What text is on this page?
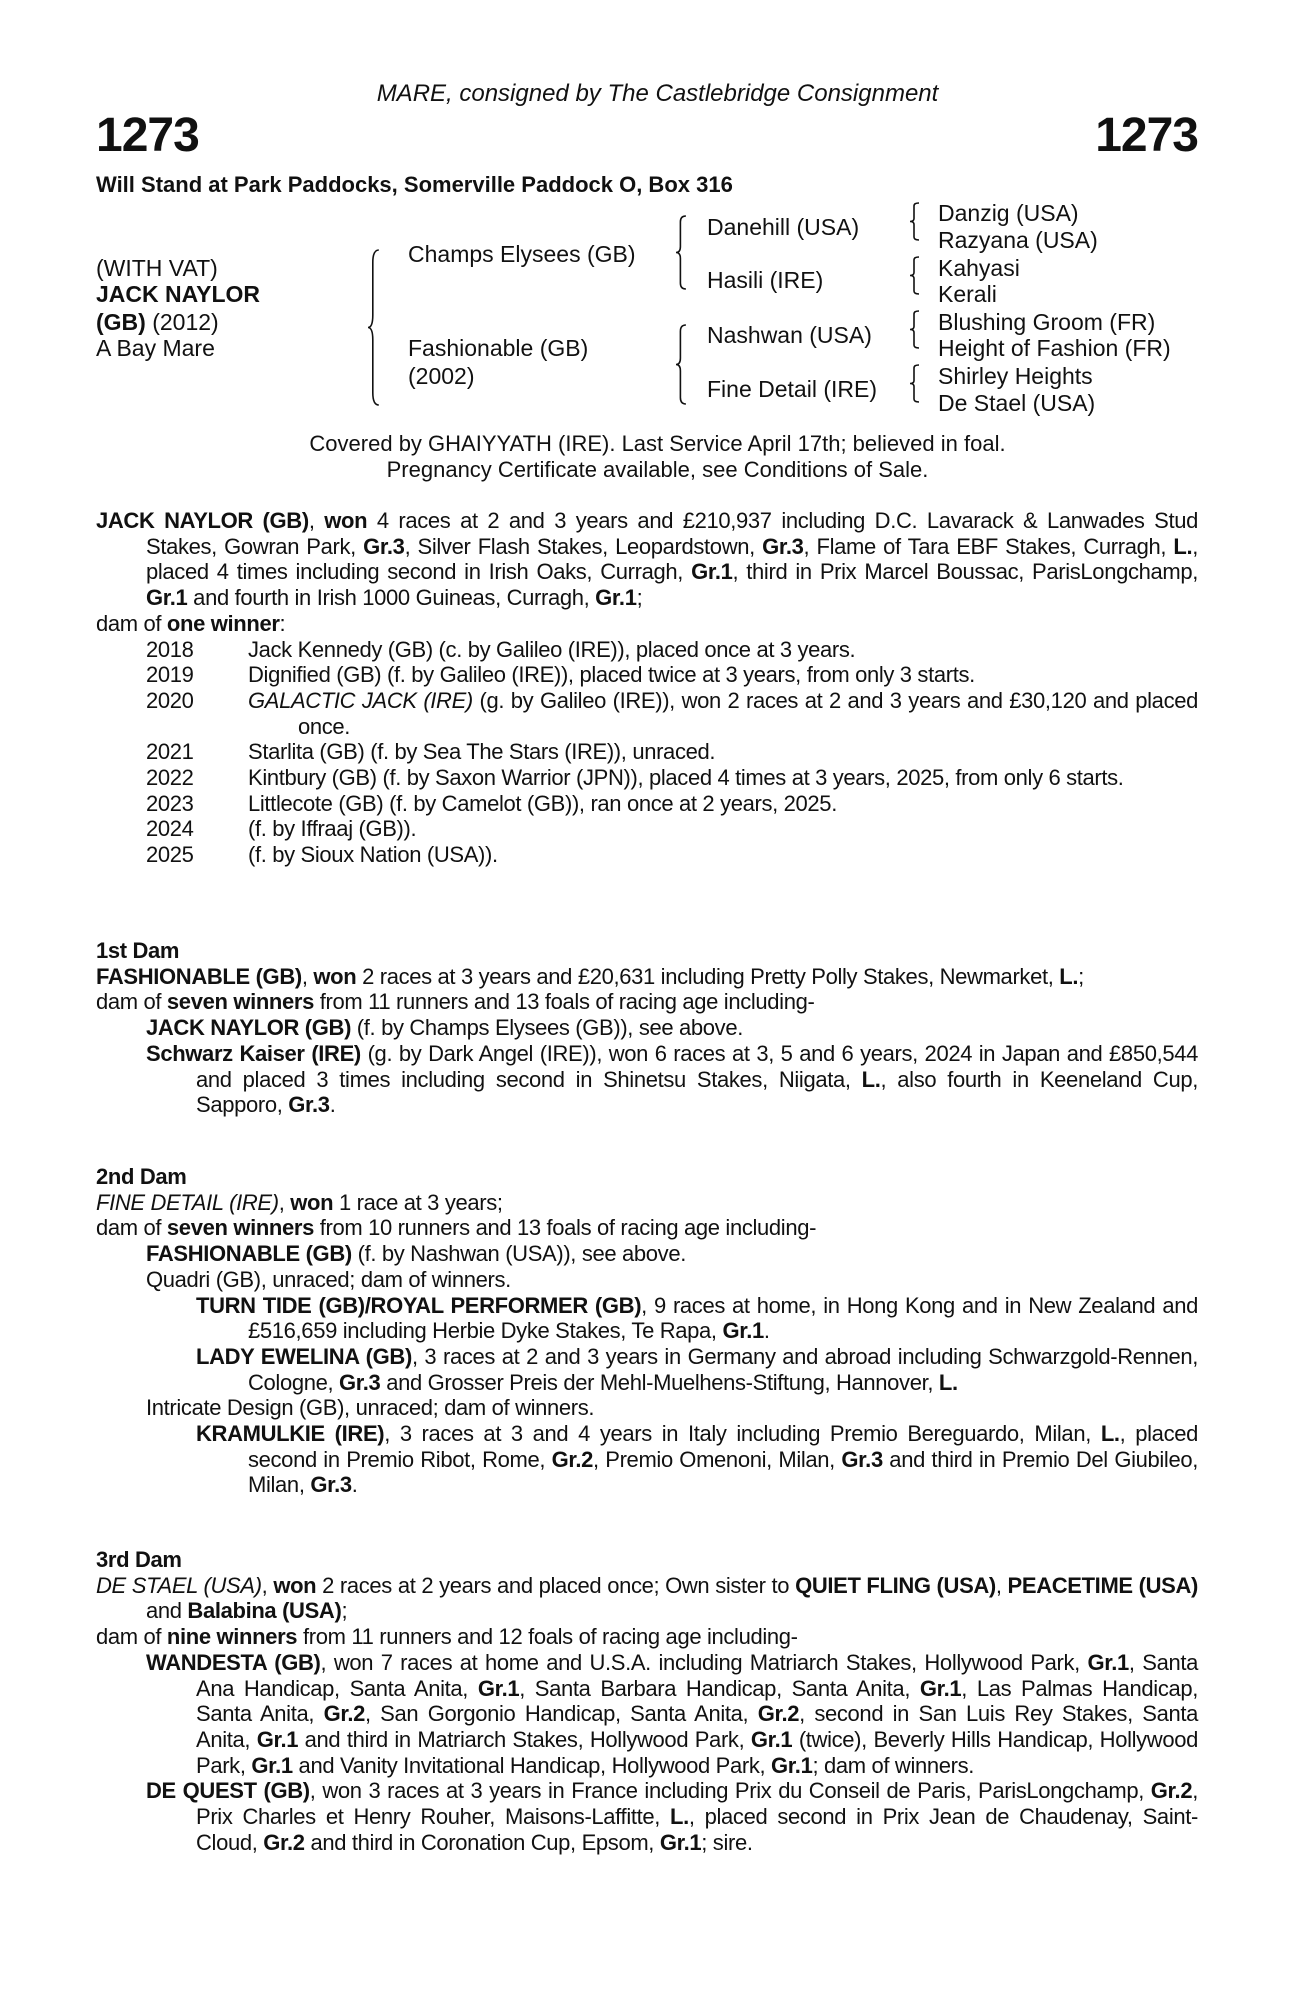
MARE, consigned by The Castlebridge Consignment
1273	1273
Will Stand at Park Paddocks, Somerville Paddock O, Box 316
(WITH VAT)
JACK NAYLOR
(GB) (2012)
A Bay Mare
Champs Elysees (GB)
Fashionable (GB)
(2002)
Danehill (USA)
Hasili (IRE)
Nashwan (USA)
Fine Detail (IRE)
Danzig (USA)
Razyana (USA)
Kahyasi
Kerali
Blushing Groom (FR)
Height of Fashion (FR)
Shirley Heights
De Stael (USA)
Covered by GHAIYYATH (IRE). Last Service April 17th; believed in foal.
Pregnancy Certificate available, see Conditions of Sale.
JACK NAYLOR (GB), won 4 races at 2 and 3 years and £210,937 including D.C. Lavarack & Lanwades Stud Stakes, Gowran Park, Gr.3, Silver Flash Stakes, Leopardstown, Gr.3, Flame of Tara EBF Stakes, Curragh, L., placed 4 times including second in Irish Oaks, Curragh, Gr.1, third in Prix Marcel Boussac, ParisLongchamp, Gr.1 and fourth in Irish 1000 Guineas, Curragh, Gr.1;
dam of one winner:
2018 Jack Kennedy (GB) (c. by Galileo (IRE)), placed once at 3 years.
2019 Dignified (GB) (f. by Galileo (IRE)), placed twice at 3 years, from only 3 starts.
2020 GALACTIC JACK (IRE) (g. by Galileo (IRE)), won 2 races at 2 and 3 years and £30,120 and placed once.
2021 Starlita (GB) (f. by Sea The Stars (IRE)), unraced.
2022 Kintbury (GB) (f. by Saxon Warrior (JPN)), placed 4 times at 3 years, 2025, from only 6 starts.
2023 Littlecote (GB) (f. by Camelot (GB)), ran once at 2 years, 2025.
2024 (f. by Iffraaj (GB)).
2025 (f. by Sioux Nation (USA)).
1st Dam
FASHIONABLE (GB), won 2 races at 3 years and £20,631 including Pretty Polly Stakes, Newmarket, L.;
dam of seven winners from 11 runners and 13 foals of racing age including-
JACK NAYLOR (GB) (f. by Champs Elysees (GB)), see above.
Schwarz Kaiser (IRE) (g. by Dark Angel (IRE)), won 6 races at 3, 5 and 6 years, 2024 in Japan and £850,544 and placed 3 times including second in Shinetsu Stakes, Niigata, L., also fourth in Keeneland Cup, Sapporo, Gr.3.
2nd Dam
FINE DETAIL (IRE), won 1 race at 3 years;
dam of seven winners from 10 runners and 13 foals of racing age including-
FASHIONABLE (GB) (f. by Nashwan (USA)), see above.
Quadri (GB), unraced; dam of winners.
TURN TIDE (GB)/ROYAL PERFORMER (GB), 9 races at home, in Hong Kong and in New Zealand and £516,659 including Herbie Dyke Stakes, Te Rapa, Gr.1.
LADY EWELINA (GB), 3 races at 2 and 3 years in Germany and abroad including Schwarzgold-Rennen, Cologne, Gr.3 and Grosser Preis der Mehl-Muelhens-Stiftung, Hannover, L.
Intricate Design (GB), unraced; dam of winners.
KRAMULKIE (IRE), 3 races at 3 and 4 years in Italy including Premio Bereguardo, Milan, L., placed second in Premio Ribot, Rome, Gr.2, Premio Omenoni, Milan, Gr.3 and third in Premio Del Giubileo, Milan, Gr.3.
3rd Dam
DE STAEL (USA), won 2 races at 2 years and placed once; Own sister to QUIET FLING (USA), PEACETIME (USA) and Balabina (USA);
dam of nine winners from 11 runners and 12 foals of racing age including-
WANDESTA (GB), won 7 races at home and U.S.A. including Matriarch Stakes, Hollywood Park, Gr.1, Santa Ana Handicap, Santa Anita, Gr.1, Santa Barbara Handicap, Santa Anita, Gr.1, Las Palmas Handicap, Santa Anita, Gr.2, San Gorgonio Handicap, Santa Anita, Gr.2, second in San Luis Rey Stakes, Santa Anita, Gr.1 and third in Matriarch Stakes, Hollywood Park, Gr.1 (twice), Beverly Hills Handicap, Hollywood Park, Gr.1 and Vanity Invitational Handicap, Hollywood Park, Gr.1; dam of winners.
DE QUEST (GB), won 3 races at 3 years in France including Prix du Conseil de Paris, ParisLongchamp, Gr.2, Prix Charles et Henry Rouher, Maisons-Laffitte, L., placed second in Prix Jean de Chaudenay, Saint-Cloud, Gr.2 and third in Coronation Cup, Epsom, Gr.1; sire.
